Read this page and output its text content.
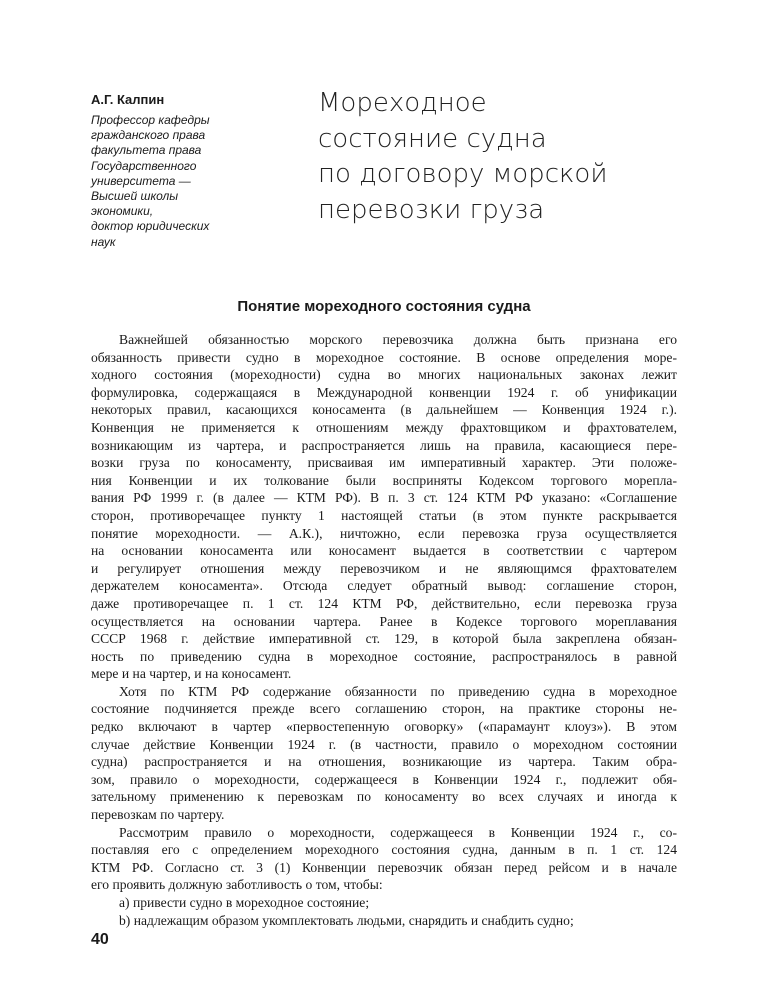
А.Г. Калпин
Профессор кафедры
гражданского права
факультета права
Государственного
университета —
Высшей школы
экономики,
доктор юридических
наук
Мореходное
состояние судна
по договору морской
перевозки груза
Понятие мореходного состояния судна
Важнейшей обязанностью морского перевозчика должна быть признана его
обязанность привести судно в мореходное состояние. В основе определения море-
ходного состояния (мореходности) судна во многих национальных законах лежит
формулировка, содержащаяся в Международной конвенции 1924 г. об унификации
некоторых правил, касающихся коносамента (в дальнейшем — Конвенция 1924 г.).
Конвенция не применяется к отношениям между фрахтовщиком и фрахтователем,
возникающим из чартера, и распространяется лишь на правила, касающиеся пере-
возки груза по коносаменту, присваивая им императивный характер. Эти положе-
ния Конвенции и их толкование были восприняты Кодексом торгового морепла-
вания РФ 1999 г. (в далее — КТМ РФ). В п. 3 ст. 124 КТМ РФ указано: «Соглашение
сторон, противоречащее пункту 1 настоящей статьи (в этом пункте раскрывается
понятие мореходности. — А.К.), ничтожно, если перевозка груза осуществляется
на основании коносамента или коносамент выдается в соответствии с чартером
и регулирует отношения между перевозчиком и не являющимся фрахтователем
держателем коносамента». Отсюда следует обратный вывод: соглашение сторон,
даже противоречащее п. 1 ст. 124 КТМ РФ, действительно, если перевозка груза
осуществляется на основании чартера. Ранее в Кодексе торгового мореплавания
СССР 1968 г. действие императивной ст. 129, в которой была закреплена обязан-
ность по приведению судна в мореходное состояние, распространялось в равной
мере и на чартер, и на коносамент.
Хотя по КТМ РФ содержание обязанности по приведению судна в мореходное
состояние подчиняется прежде всего соглашению сторон, на практике стороны не-
редко включают в чартер «первостепенную оговорку» («парамаунт клоуз»). В этом
случае действие Конвенции 1924 г. (в частности, правило о мореходном состоянии
судна) распространяется и на отношения, возникающие из чартера. Таким обра-
зом, правило о мореходности, содержащееся в Конвенции 1924 г., подлежит обя-
зательному применению к перевозкам по коносаменту во всех случаях и иногда к
перевозкам по чартеру.
Рассмотрим правило о мореходности, содержащееся в Конвенции 1924 г., со-
поставляя его с определением мореходного состояния судна, данным в п. 1 ст. 124
КТМ РФ. Согласно ст. 3 (1) Конвенции перевозчик обязан перед рейсом и в начале
его проявить должную заботливость о том, чтобы:
a) привести судно в мореходное состояние;
b) надлежащим образом укомплектовать людьми, снарядить и снабдить судно;
40
